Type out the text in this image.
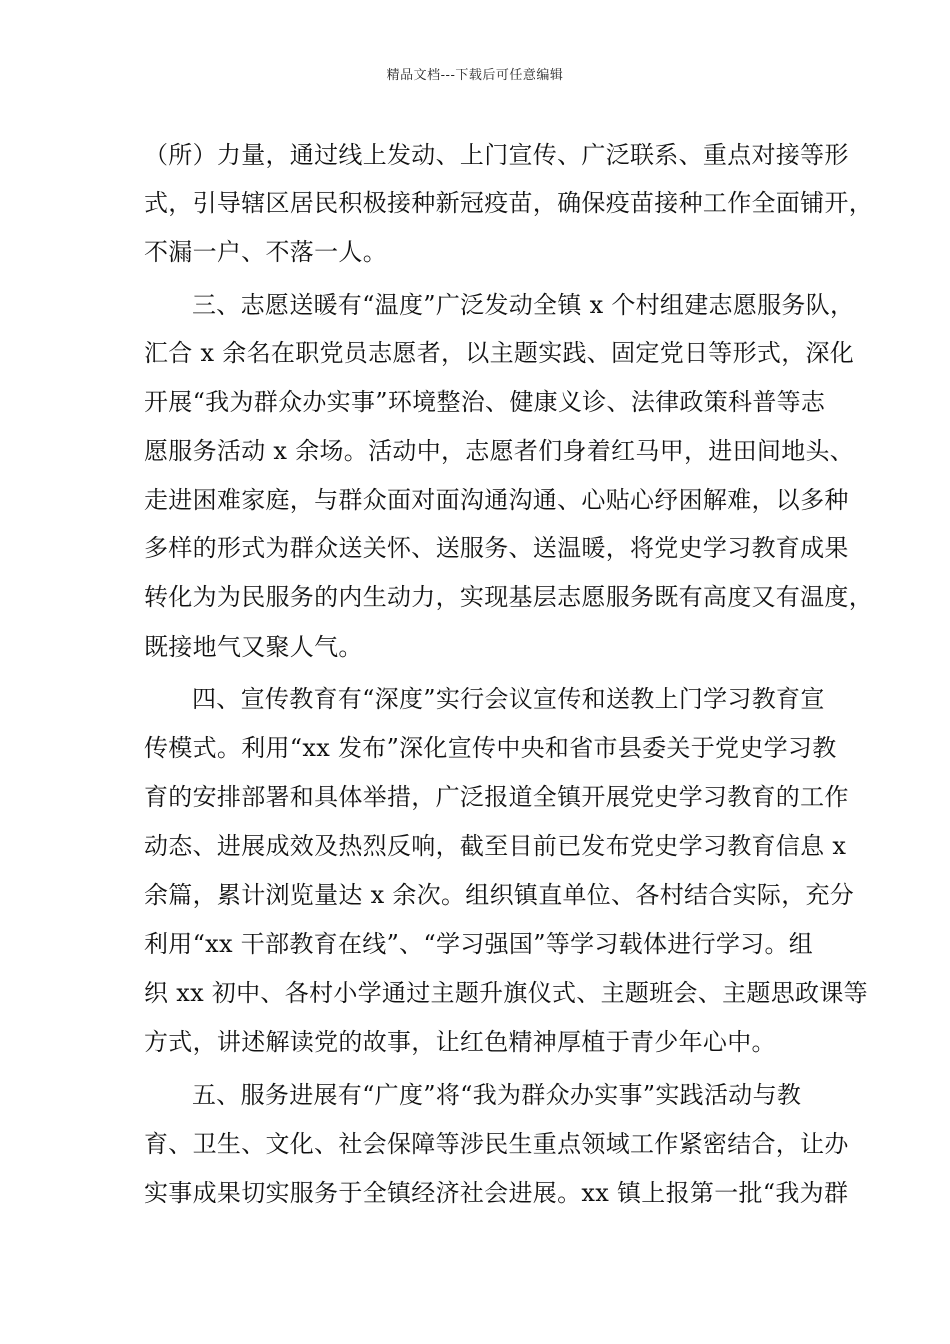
精品文档---下载后可任意编辑
（所）力量，通过线上发动、上门宣传、广泛联系、重点对接等形
式，引导辖区居民积极接种新冠疫苗，确保疫苗接种工作全面铺开，
不漏一户、不落一人。
三、志愿送暖有“温度”广泛发动全镇 x 个村组建志愿服务队，
汇合 x 余名在职党员志愿者，以主题实践、固定党日等形式，深化
开展“我为群众办实事”环境整治、健康义诊、法律政策科普等志
愿服务活动 x 余场。活动中，志愿者们身着红马甲，进田间地头、
走进困难家庭，与群众面对面沟通沟通、心贴心纾困解难，以多种
多样的形式为群众送关怀、送服务、送温暖，将党史学习教育成果
转化为为民服务的内生动力，实现基层志愿服务既有高度又有温度，
既接地气又聚人气。
四、宣传教育有“深度”实行会议宣传和送教上门学习教育宣
传模式。利用“xx 发布”深化宣传中央和省市县委关于党史学习教
育的安排部署和具体举措，广泛报道全镇开展党史学习教育的工作
动态、进展成效及热烈反响，截至目前已发布党史学习教育信息 x
余篇，累计浏览量达 x 余次。组织镇直单位、各村结合实际，充分
利用“xx 干部教育在线”、“学习强国”等学习载体进行学习。组
织 xx 初中、各村小学通过主题升旗仪式、主题班会、主题思政课等
方式，讲述解读党的故事，让红色精神厚植于青少年心中。
五、服务进展有“广度”将“我为群众办实事”实践活动与教
育、卫生、文化、社会保障等涉民生重点领域工作紧密结合，让办
实事成果切实服务于全镇经济社会进展。xx 镇上报第一批“我为群
